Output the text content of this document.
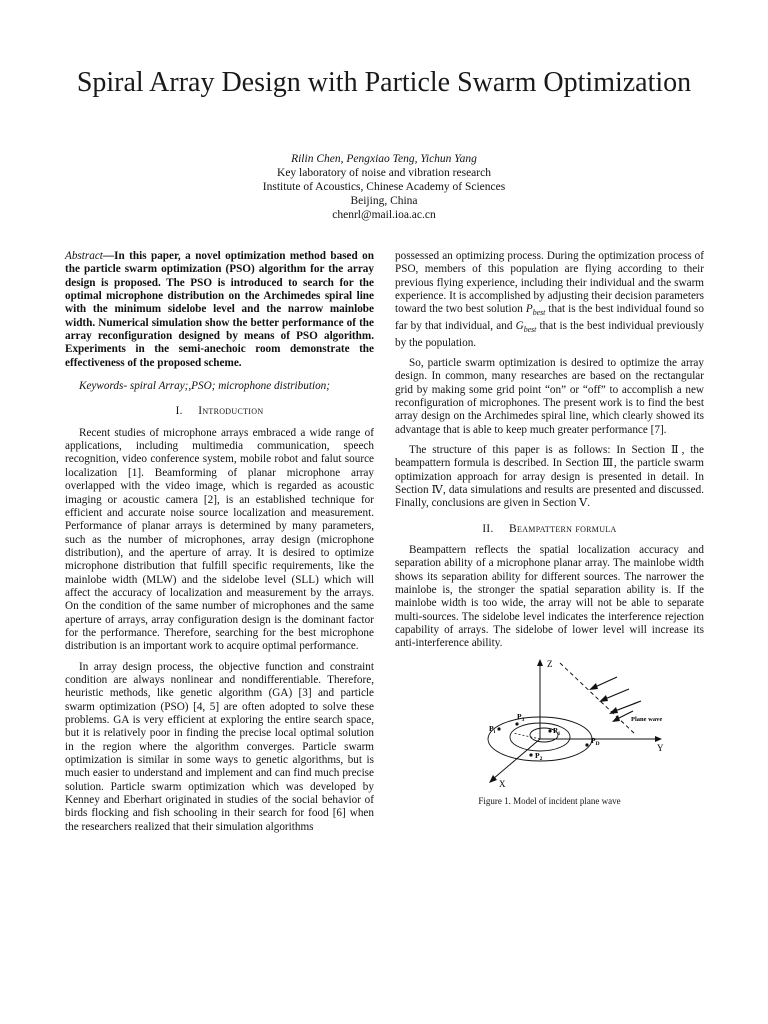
Spiral Array Design with Particle Swarm Optimization
Rilin Chen, Pengxiao Teng, Yichun Yang
Key laboratory of noise and vibration research
Institute of Acoustics, Chinese Academy of Sciences
Beijing, China
chenrl@mail.ioa.ac.cn

Abstract—In this paper, a novel optimization method based on the particle swarm optimization (PSO) algorithm for the array design is proposed. The PSO is introduced to search for the optimal microphone distribution on the Archimedes spiral line with the minimum sidelobe level and the narrow mainlobe width. Numerical simulation show the better performance of the array reconfiguration designed by means of PSO algorithm. Experiments in the semi-anechoic room demonstrate the effectiveness of the proposed scheme.

Keywords- spiral Array;,PSO; microphone distribution;

I. Introduction

Recent studies of microphone arrays embraced a wide range of applications, including multimedia communication, speech recognition, video conference system, mobile robot and falut source localization [1]. Beamforming of planar microphone array overlapped with the video image, which is regarded as acoustic imaging or acoustic camera [2], is an established technique for efficient and accurate noise source localization and measurement. Performance of planar arrays is determined by many parameters, such as the number of microphones, array design (microphone distribution), and the aperture of array. It is desired to optimize microphone distribution that fulfill specific requirements, like the mainlobe width (MLW) and the sidelobe level (SLL) which will affect the accuracy of localization and measurement by the arrays. On the condition of the same number of microphones and the same aperture of arrays, array configuration design is the dominant factor for the performance. Therefore, searching for the best microphone distribution is an important work to acquire optimal performance.

In array design process, the objective function and constraint condition are always nonlinear and nondifferentiable. Therefore, heuristic methods, like genetic algorithm (GA) [3] and particle swarm optimization (PSO) [4, 5] are often adopted to solve these problems. GA is very efficient at exploring the entire search space, but it is relatively poor in finding the precise local optimal solution in the region where the algorithm converges. Particle swarm optimization is similar in some ways to genetic algorithms, but is much easier to understand and implement and can find much precise solution. Particle swarm optimization which was developed by Kenney and Eberhart originated in studies of the social behavior of birds flocking and fish schooling in their search for food [6] when the researchers realized that their simulation algorithms

possessed an optimizing process. During the optimization process of PSO, members of this population are flying according to their previous flying experience, including their individual and the swarm experience. It is accomplished by adjusting their decision parameters toward the two best solution $P_{best}$ that is the best individual found so far by that individual, and $G_{best}$ that is the best individual previously by the population.

So, particle swarm optimization is desired to optimize the array design. In common, many researches are based on the rectangular grid by making some grid point “on” or “off” to accomplish a new reconfiguration of microphones. The present work is to find the best array design on the Archimedes spiral line, which clearly showed its advantage that is able to keep much greater performance [7].

The structure of this paper is as follows: In Section Ⅱ, the beampattern formula is described. In Section Ⅲ, the particle swarm optimization approach for array design is presented in detail. In Section Ⅳ, data simulations and results are presented and discussed. Finally, conclusions are given in Section Ⅴ.

II. Beampattern formula

Beampattern reflects the spatial localization accuracy and separation ability of a microphone planar array. The mainlobe width shows its separation ability for different sources. The narrower the mainlobe is, the stronger the spatial separation ability is. If the mainlobe width is too wide, the array will not be able to separate multi-sources. The sidelobe level indicates the interference rejection capability of arrays. The sidelobe of lower level will increase its anti-interference ability.

Z
Y
X
Plane wave
$P_i$	$P_1$
$P_3$
$P_2$
$P_D$
Figure 1. Model of incident plane wave
